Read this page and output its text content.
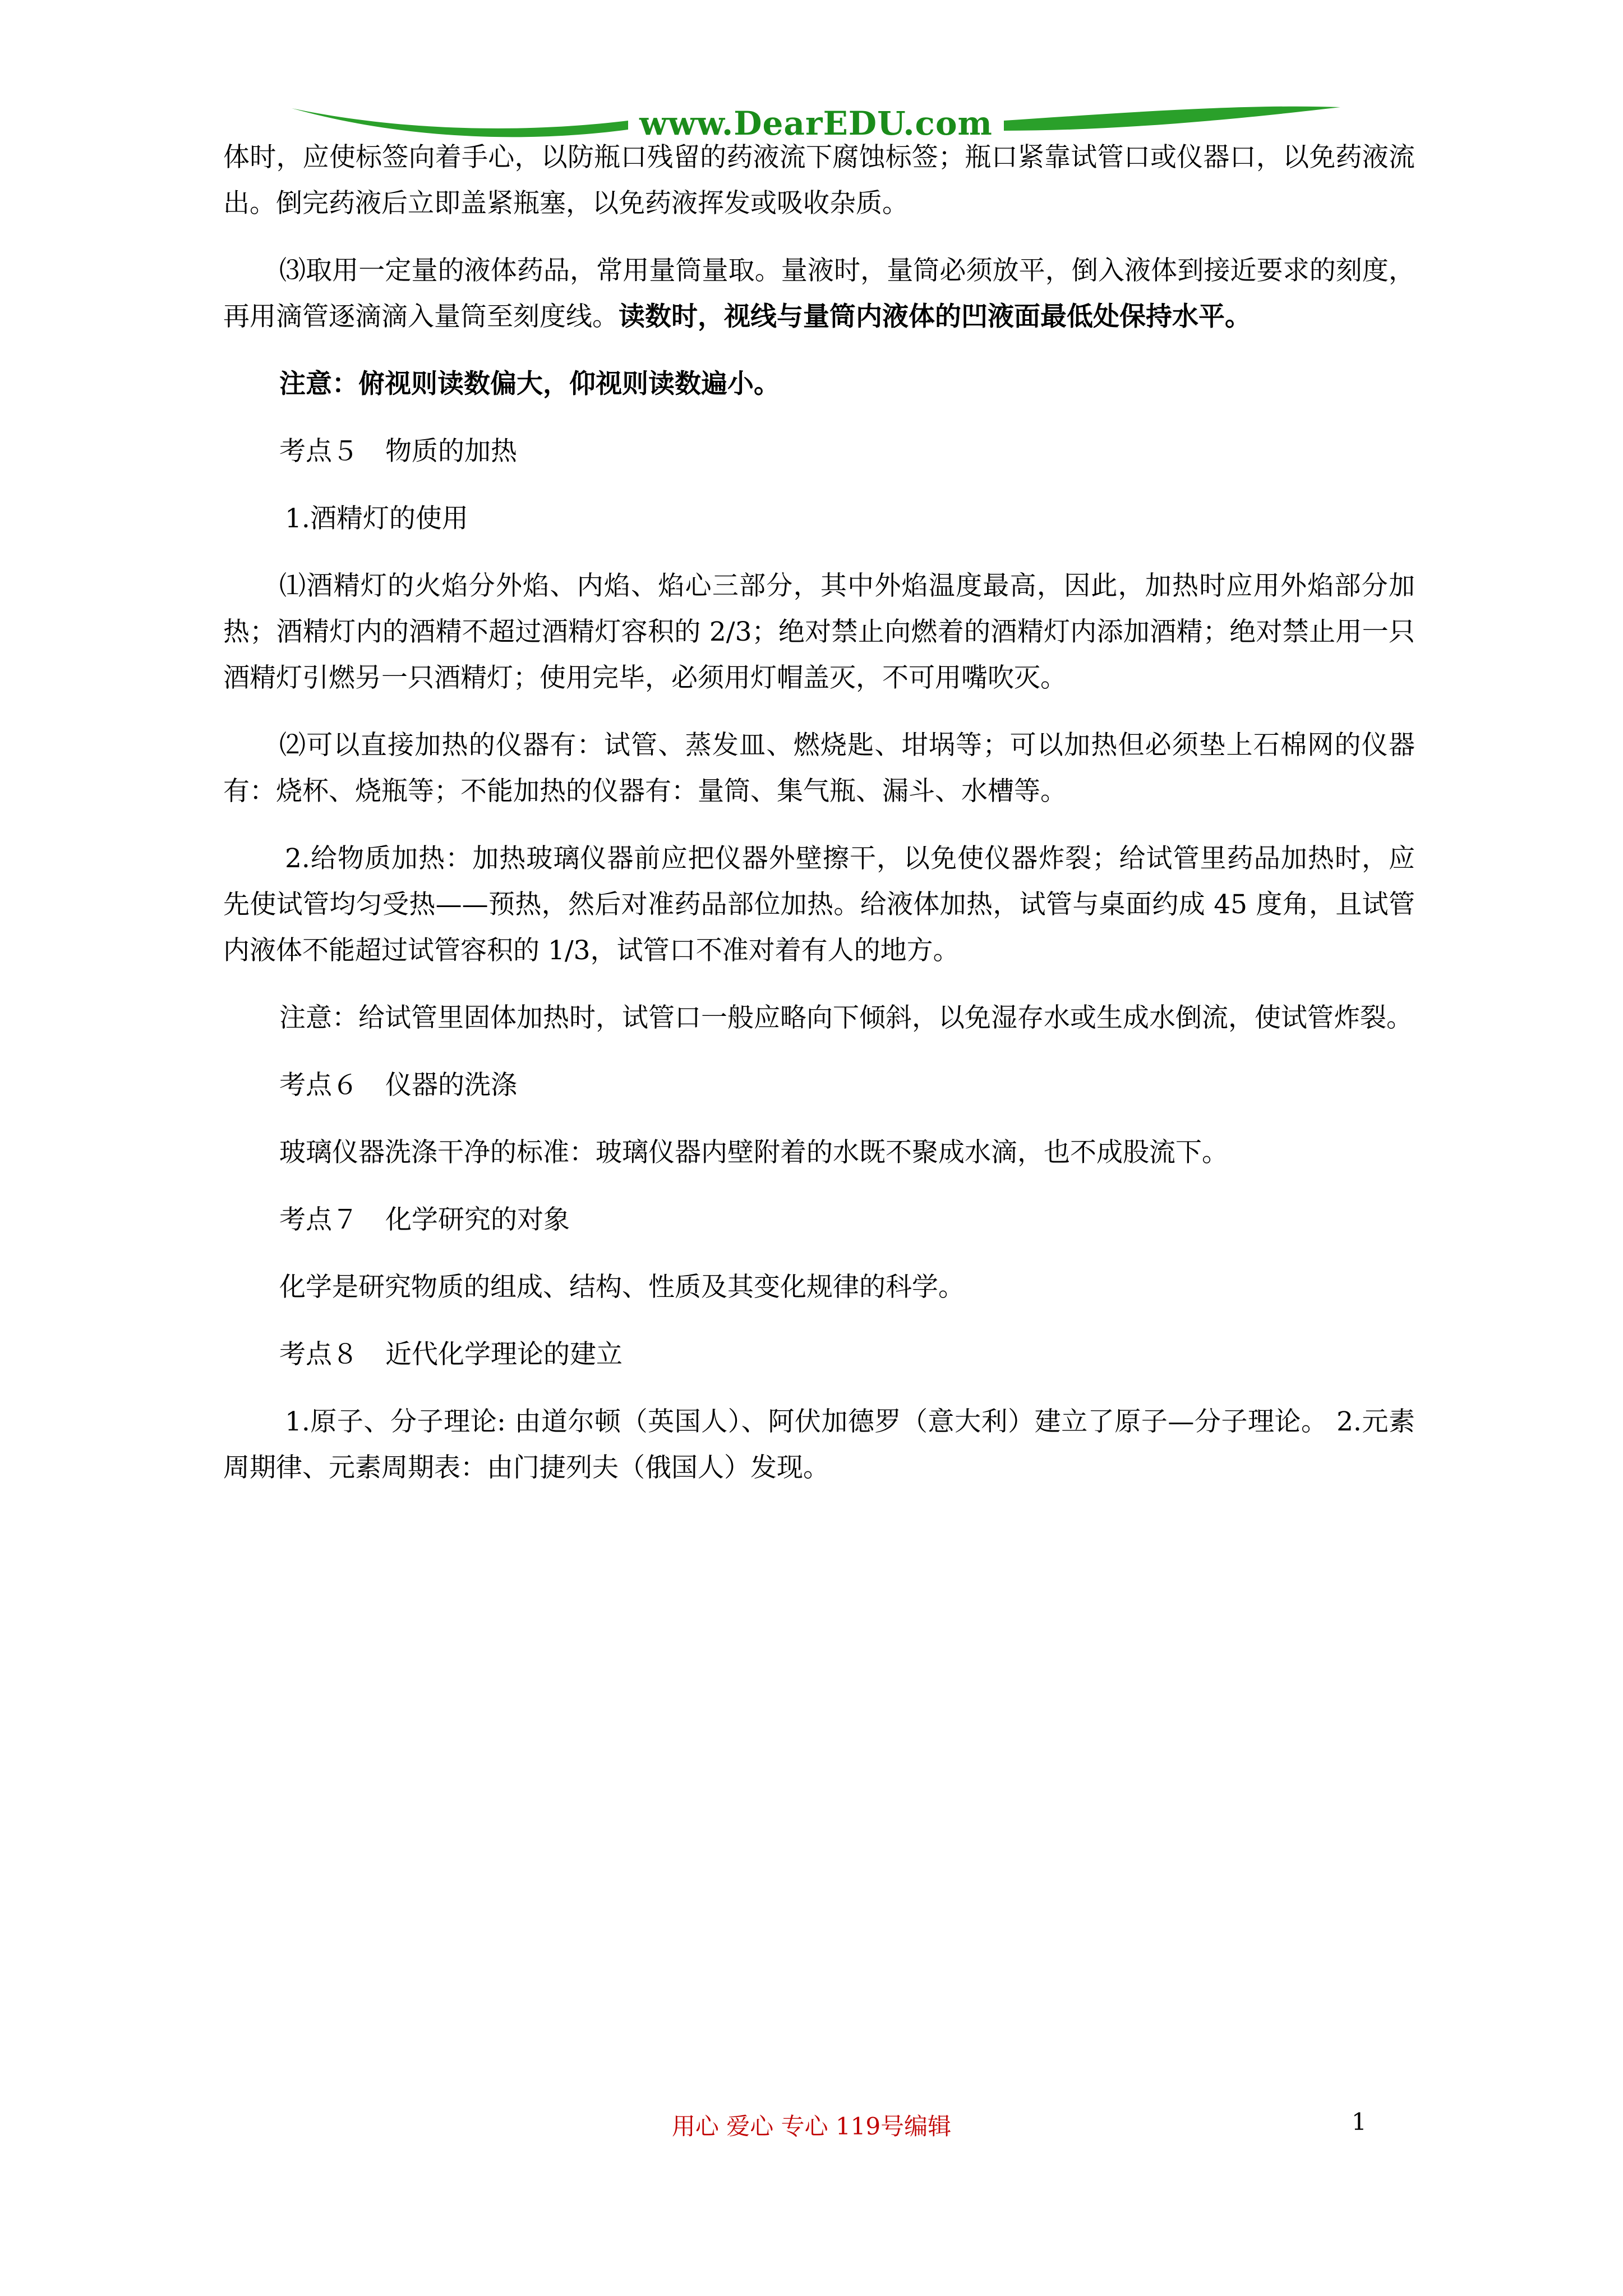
www.DearEDU.com

体时，应使标签向着手心，以防瓶口残留的药液流下腐蚀标签；瓶口紧靠试管口或仪器口，以免药液流出。倒完药液后立即盖紧瓶塞，以免药液挥发或吸收杂质。

⑶取用一定量的液体药品，常用量筒量取。量液时，量筒必须放平，倒入液体到接近要求的刻度，再用滴管逐滴滴入量筒至刻度线。读数时，视线与量筒内液体的凹液面最低处保持水平。

注意：俯视则读数偏大，仰视则读数遍小。

考点５ 物质的加热

1.酒精灯的使用

⑴酒精灯的火焰分外焰、内焰、焰心三部分，其中外焰温度最高，因此，加热时应用外焰部分加热；酒精灯内的酒精不超过酒精灯容积的 2/3；绝对禁止向燃着的酒精灯内添加酒精；绝对禁止用一只酒精灯引燃另一只酒精灯；使用完毕，必须用灯帽盖灭，不可用嘴吹灭。

⑵可以直接加热的仪器有：试管、蒸发皿、燃烧匙、坩埚等；可以加热但必须垫上石棉网的仪器有：烧杯、烧瓶等；不能加热的仪器有：量筒、集气瓶、漏斗、水槽等。

2.给物质加热：加热玻璃仪器前应把仪器外壁擦干，以免使仪器炸裂；给试管里药品加热时，应先使试管均匀受热——预热，然后对准药品部位加热。给液体加热，试管与桌面约成 45 度角，且试管内液体不能超过试管容积的 1/3，试管口不准对着有人的地方。

注意：给试管里固体加热时，试管口一般应略向下倾斜，以免湿存水或生成水倒流，使试管炸裂。

考点６ 仪器的洗涤

玻璃仪器洗涤干净的标准：玻璃仪器内壁附着的水既不聚成水滴，也不成股流下。

考点７ 化学研究的对象

化学是研究物质的组成、结构、性质及其变化规律的科学。

考点８ 近代化学理论的建立

1.原子、分子理论: 由道尔顿（英国人）、阿伏加德罗（意大利）建立了原子—分子理论。 2.元素周期律、元素周期表：由门捷列夫（俄国人）发现。

用心 爱心 专心 119号编辑	1
